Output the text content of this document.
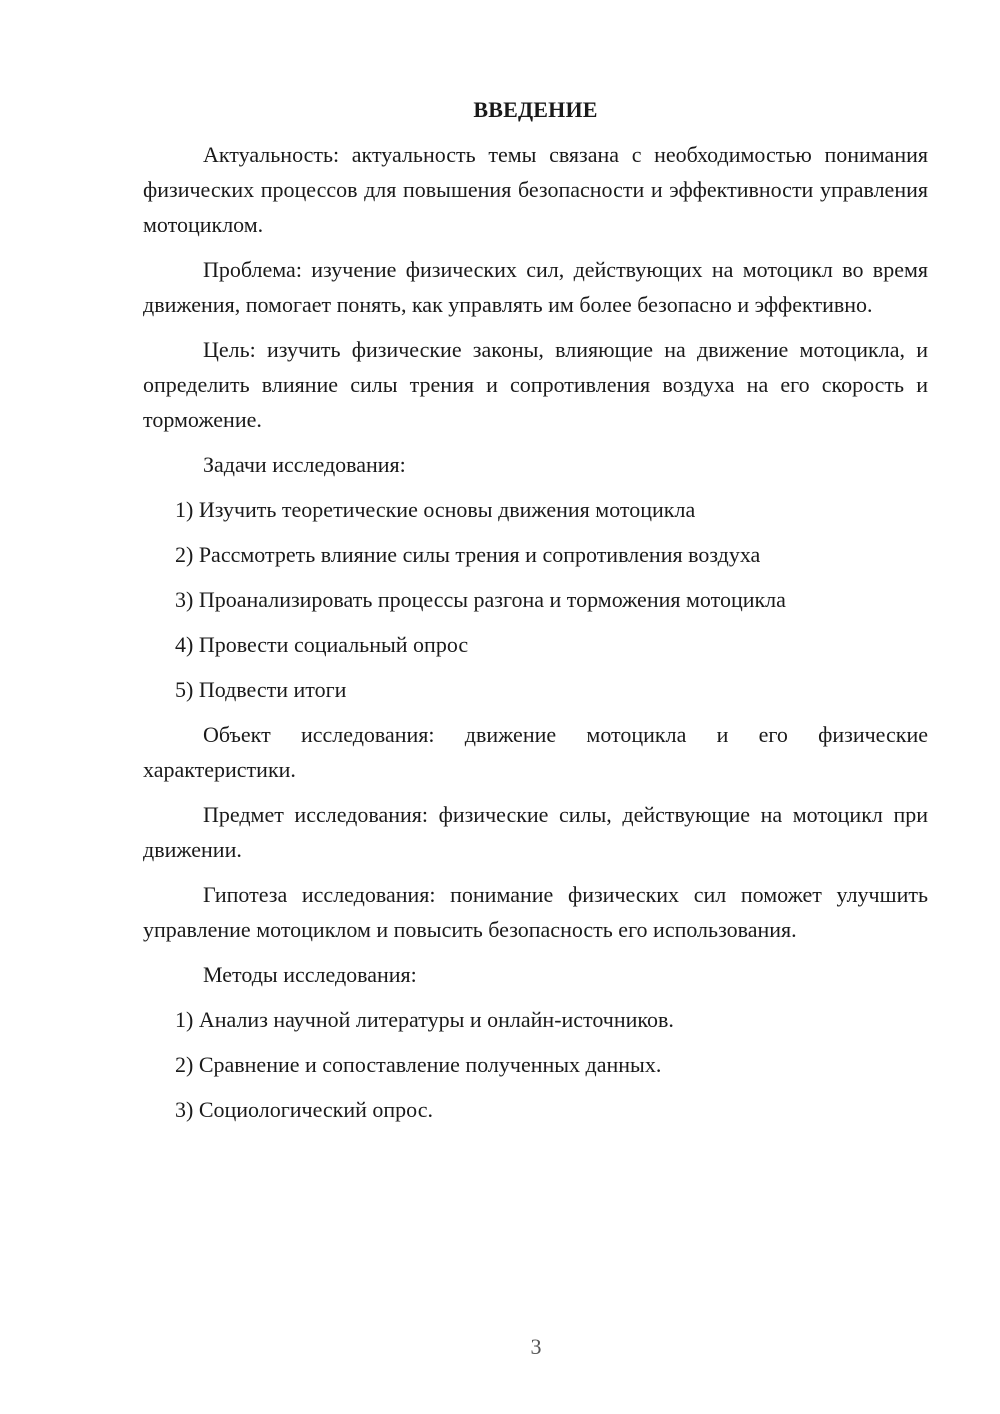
ВВЕДЕНИЕ

Актуальность: актуальность темы связана с необходимостью понимания физических процессов для повышения безопасности и эффективности управления мотоциклом.

Проблема: изучение физических сил, действующих на мотоцикл во время движения, помогает понять, как управлять им более безопасно и эффективно.

Цель: изучить физические законы, влияющие на движение мотоцикла, и определить влияние силы трения и сопротивления воздуха на его скорость и торможение.

Задачи исследования:

1) Изучить теоретические основы движения мотоцикла

2) Рассмотреть влияние силы трения и сопротивления воздуха

3) Проанализировать процессы разгона и торможения мотоцикла

4) Провести социальный опрос

5) Подвести итоги

Объект исследования: движение мотоцикла и его физические характеристики.

Предмет исследования: физические силы, действующие на мотоцикл при движении.

Гипотеза исследования: понимание физических сил поможет улучшить управление мотоциклом и повысить безопасность его использования.

Методы исследования:

1) Анализ научной литературы и онлайн-источников.

2) Сравнение и сопоставление полученных данных.

3) Социологический опрос.

3
